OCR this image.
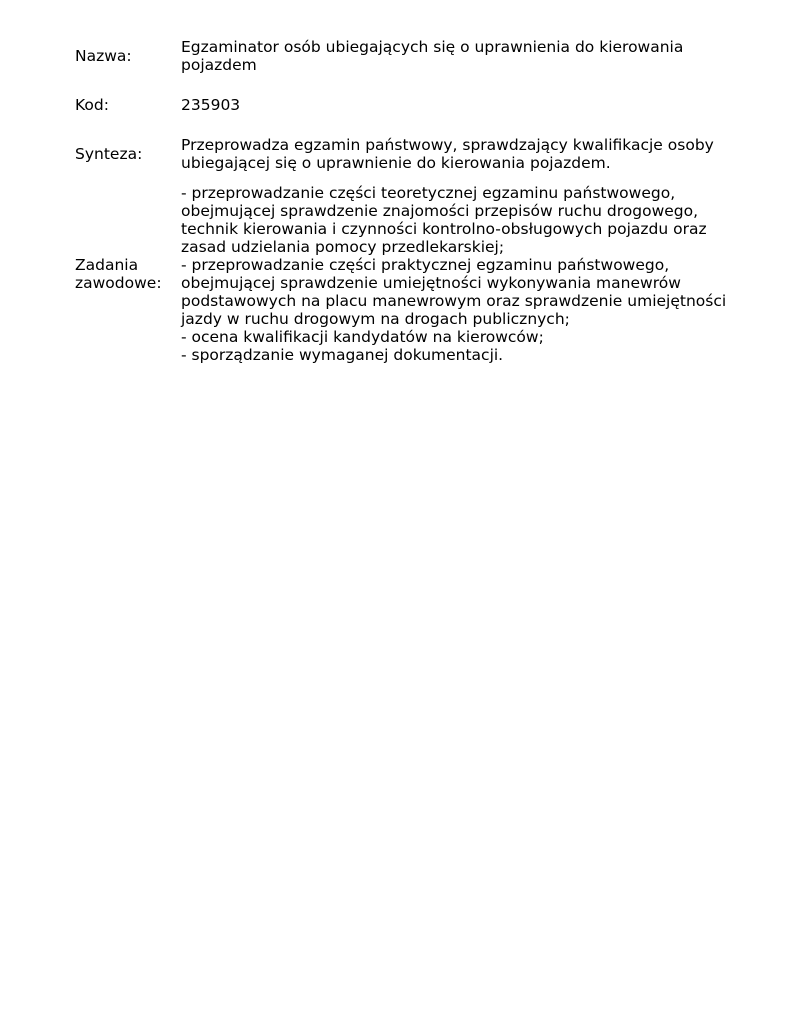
Nazwa:	Egzaminator osób ubiegających się o uprawnienia do kierowania pojazdem
Kod:	235903
Synteza:	Przeprowadza egzamin państwowy, sprawdzający kwalifikacje osoby ubiegającej się o uprawnienie do kierowania pojazdem.
Zadania
zawodowe:
- przeprowadzanie części teoretycznej egzaminu państwowego, obejmującej sprawdzenie znajomości przepisów ruchu drogowego, technik kierowania i czynności kontrolno-obsługowych pojazdu oraz zasad udzielania pomocy przedlekarskiej;
- przeprowadzanie części praktycznej egzaminu państwowego, obejmującej sprawdzenie umiejętności wykonywania manewrów podstawowych na placu manewrowym oraz sprawdzenie umiejętności jazdy w ruchu drogowym na drogach publicznych;
- ocena kwalifikacji kandydatów na kierowców;
- sporządzanie wymaganej dokumentacji.
